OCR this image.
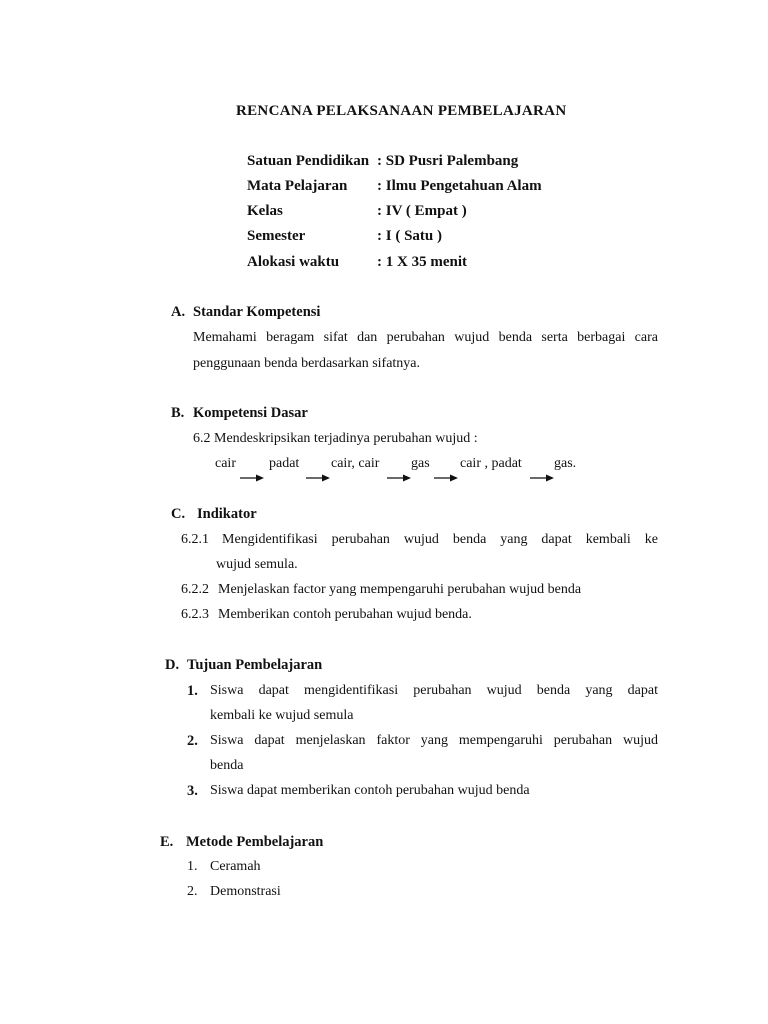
RENCANA PELAKSANAAN PEMBELAJARAN
Satuan Pendidikan : SD Pusri Palembang
Mata Pelajaran : Ilmu Pengetahuan Alam
Kelas	: IV ( Empat )
Semester	: I ( Satu )
Alokasi waktu	: 1 X 35 menit
A. Standar Kompetensi
Memahami beragam sifat dan perubahan wujud benda serta berbagai cara
penggunaan benda berdasarkan sifatnya.
B. Kompetensi Dasar
6.2 Mendeskripsikan terjadinya perubahan wujud :
cair padat cair, cair gas cair , padat gas.
C. Indikator
6.2.1 Mengidentifikasi perubahan wujud benda yang dapat kembali ke
wujud semula.
6.2.2 Menjelaskan factor yang mempengaruhi perubahan wujud benda
6.2.3 Memberikan contoh perubahan wujud benda.
D. Tujuan Pembelajaran
1. Siswa dapat mengidentifikasi perubahan wujud benda yang dapat
kembali ke wujud semula
2. Siswa dapat menjelaskan faktor yang mempengaruhi perubahan wujud
benda
3. Siswa dapat memberikan contoh perubahan wujud benda
E. Metode Pembelajaran
1. Ceramah
2. Demonstrasi
